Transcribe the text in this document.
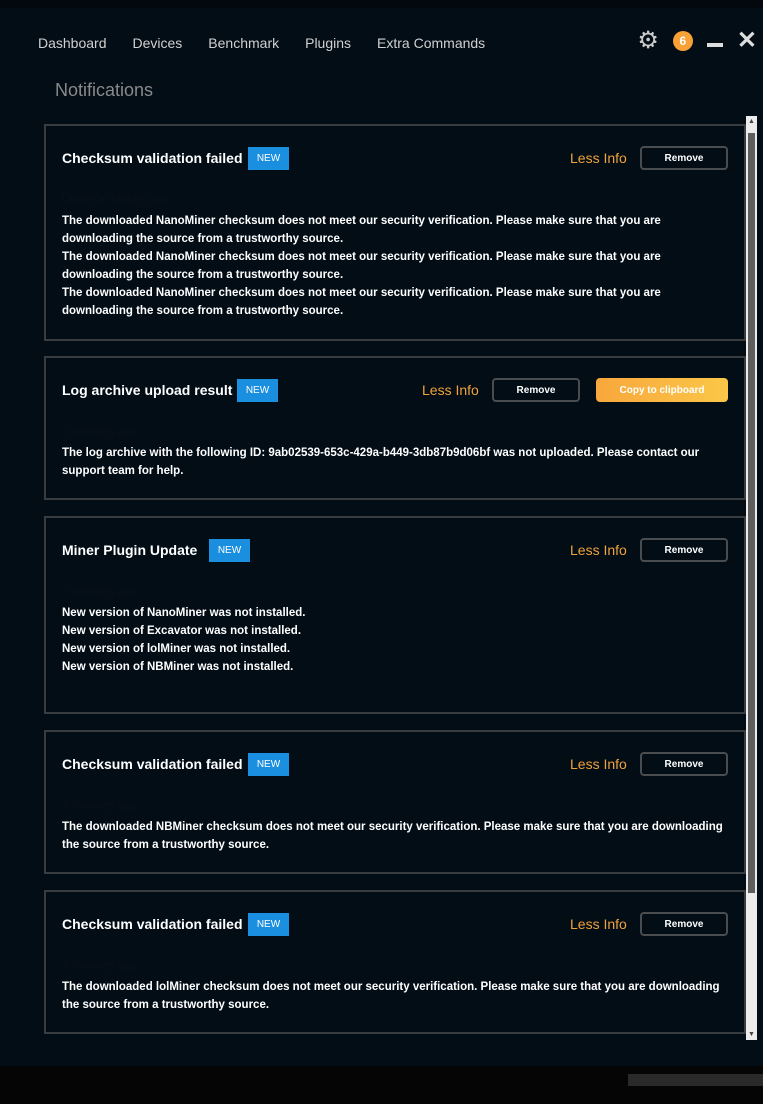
Dashboard Devices Benchmark Plugins Extra Commands	⚙	6 ✕
Notifications
Checksum validation failed	NEW	Less Info	Remove
Under a minute ago
The downloaded NanoMiner checksum does not meet our security verification. Please make sure that you are downloading the source from a trustworthy source.
The downloaded NanoMiner checksum does not meet our security verification. Please make sure that you are downloading the source from a trustworthy source.
The downloaded NanoMiner checksum does not meet our security verification. Please make sure that you are downloading the source from a trustworthy source.
Log archive upload result	NEW	Less Info	Remove	Copy to clipboard
2 minutes ago
The log archive with the following ID: 9ab02539-653c-429a-b449-3db87b9d06bf was not uploaded. Please contact our support team for help.
Miner Plugin Update	NEW	Less Info	Remove
7 minutes ago
New version of NanoMiner was not installed.
New version of Excavator was not installed.
New version of lolMiner was not installed.
New version of NBMiner was not installed.
Checksum validation failed	NEW	Less Info	Remove
7 minutes ago
The downloaded NBMiner checksum does not meet our security verification. Please make sure that you are downloading the source from a trustworthy source.
Checksum validation failed	NEW	Less Info	Remove
7 minutes ago
The downloaded lolMiner checksum does not meet our security verification. Please make sure that you are downloading the source from a trustworthy source.
▲
▼
